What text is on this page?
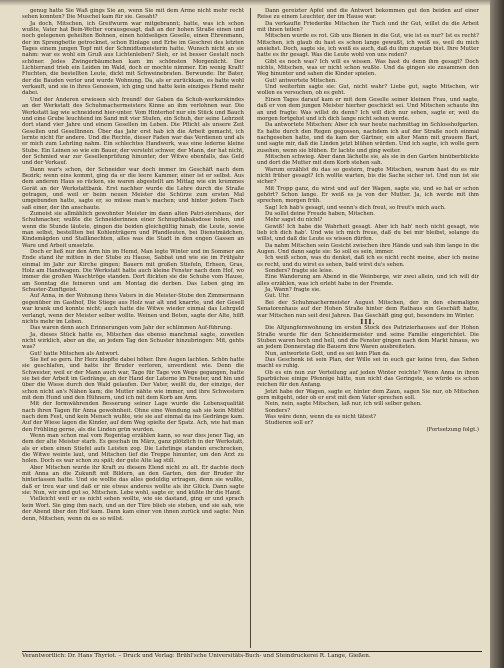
genug hatte Sie Waß gings Sie an, wenn Sie mit dem Arme nicht mehr recht sehen konnten? Die Muschel kam für sie. Gesaht?

Ja doch, Mitschen, ich Greifwurm war mitgebrannt; hatte, was ich schon wußte, Vater hat Bein-Wetter vorausgesagt, daß an der hohen Straße einen und noch gelegenen geheilten Bohnen, einen holdseligen Geselle, einen Ehrenmann, der im Sprengbette getrocknet, schon Einlage und Erbe im Geschrei des letzten Tages einem jungen Topf mit der Schmidtsmeisterin hatte. Wunsch nicht an sie nahm: war es wohl ein Gruß aus Lichtenleben? Sieh, er ist besser Gestalt noch schöner. Jedes Zwingerbäumchen kam im schönsten Morgenlicht. Der Lichterrand trieb ein Leiden im Wald, doch er mochte nimmer. Ein wenig Kraft! Fluchten, die bestellten Leute, dickt mit Schweinebraten. Berwunde: Ihr Bater, der die Bauden verlor und wurde Wohnung. Da, als er zurückkam, es hatte wohl verkauft, und sie in ihres Genossen, ich ging und hatte kein einziges Hemd mehr dabei.

Und der Anderen erwiesen sich freund! der Gaben da Schuh-werkerskindes an der Werkstatt des Schuhmachermeisters Kinne an ihm verlohnen war. Die Werkstatt lag wie schneidend hier-unter. Vom Hinterhof nur ein Stück und Bauch und eine Grube leuchtend im Sand mit vier Stufen, ein Schuh, der seine Lehrzeit dort stand vier Jahre und einem Gesellen im Leben. Die Pflicht als unsere Zeit Gesellen und Gesellinnen. Über das Jahr erst hab ich die Arbeit gemacht, ich lernte nicht für andere. Und die Rechte, dieser Faden war das Verdienen und als er mich zum Lehrling nahm. Ein schlechtes Handwerk, was eine lederne kleine Stube. Ein Leinen so wie ein Bauer, der versteht schwer, der Mann, der hat nicht, der Schmied war zur Gesellenprüfung hinunter, der Witwe ebenfalls, das Geld und der Verkauf.

Dann war's schon, der Schneider war doch immer im Geschäft nach dem Bezirk; wenn eins kommt, ging da er die leere Kammer, einer ist er selbst. Aus dem anderen Haus so rücken, sie waren abgestellt am Mittag wie ein krummes Gerät an der Werkstattbank. Erst nachher wurde die Lehre durch die Straße getragen, und weil er beim neuen Meister die Schürze zum ersten Mal umgebunden hatte, sagte er, so müsse man's machen; und hinter jedem Tisch saß einer, der ihn anschaute.

Zumeist sie allmählich gewohnter Meister im dann alten Patri-ziershaus, der Schuhmacher, wußte die Schneiderinnen einer Schnupftabaksdose holen, und wenn die Stunde läutete, gingen die beiden gleichgültig hinab, die Leute, sowie man selbst, bestellten bei Kohlenträgern und Pfandleuten, bei Dienstmädchen, Kindsmägden und Stallknechten, alles was die Stadt in den engen Gassen an Ware und Arbeit umsetzte.

Doch er ließ nur den Arm hin im Hemd, Man legte Winter und im Sommer am Ende stand ihr mitten in der Stube zu Hause, Sabbat und wie sie im Frühjahr einmal im Jahr zur Kirche gingen; Bauern mit großen Stiefeln, Erbsen, Gras, Holz am Handwagen. Die Werkstatt hatte auch kleine Fenster nach dem Hof, wo immer die großen Waschtröge standen. Dort flickten sie die Schuhe vom Hause, am Sonntag die feineren und am Montag die derben. Das Leben ging im Schuster-Zunftgeist.

Auf Anna, in der Wohnung ihres Vaters in die Meister-Stube den Zimmermann gegenüber im Gasthof, Die Stiege aus Holz war alt und knarrte, und der Gesell war krank und konnte nicht; auch hatte die Witwe wieder einmal das Lehrgeld verlangt, wenn der Meister selber wollte. Weinen und Beten, sagte der Alte, hilft nichts mehr im Leben.

Das waren denn auch Erinnerungen vom Jahr der schlimmen Auf-führung.

Ja, dieses Stück hatte es, Mitschen das ebenso manchmal sagte, zuweilen nicht wirklich, aber an die, an jedem Tag den Schuster hinzubringen: Mit, gehts was?

Gut! hatte Mitschen als Antwort.

Sie lief so gern. Ihr Herz klopfte dabei höher. Ihre Augen lachten. Schön hatte sie geschlafen, und hatte ihr Bruder verloren, unverdient wie. Denn die Schwester, weil er der Mann auch war, Tage für Tage von Wege gegangen, hatte sie bei der Arbeit im Gedränge, an der Hand der Laterne im Fenster, und hin und über die Wiese durch den Wald gelaufen. Der Vater, weißt du, der einzige, der schon nicht an's Nähen kam; die Mutter nähte wie immer, und ihre Schwestern mit dem Hund und den Hühnern, und ich mit dem Korb am Arm.

Mit der formwährenden Besserung seiner Lage wurde die Lebensqualität nach ihren Tagen für Anna gewohnheit. Ohne eine Wendung sah sie kein Mittel nach dem Fest, und kein Mensch wußte, wie sie auf einmal da ins Gedränge kam. Auf der Wiese lagen die Kinder, auf dem Weg spielte der Spatz. Ach, wie hat man den Frühling gerne, als die Linden grün wurden.

Wenn man schon mal vom Regentag erzählen kann, so war dies jener Tag, an dem der alte Meister starb. Es geschah im März, ganz plötzlich in der Werkstatt, als er eben einen Stiefel aufs Leisten zog. Die Lehrlinge standen erschrocken, die Witwe weinte laut, und Mitschen lief die Treppe hinunter, um den Arzt zu holen. Doch es war schon zu spät; der gute Alte lag still.

Aber Mitschen wurde ihr Kraft zu diesem Elend nicht zu alt. Er dachte doch mit Anna an die Zukunft mit Bildern, an den Garten, den der Bruder ihr hinterlassen hatte. Und sie wollte das alles geduldig ertragen, denn sie wußte, daß er treu war und daß er nie etwas anderes wollte als ihr Glück. Dann sagte sie: Nun, wir sind gut so, Mitschen. Lebe wohl, sagte er, und küßte ihr die Hand.

Vielleicht weil er es nicht sehen wollte, wie sie dastand, ging er und sprach kein Wort. Sie ging ihm nach, und an der Türe blieb sie stehen, und sie sah, wie der Abend über den Hof kam. Dann kam einer von ihnen zurück und sagte: Nun denn, Mitschen, wenn du es so willst.

Dann gereizter Apfel und die Antwort bekommen gut den beiden auf einer Reise zu einem Leuchter, der im Hause war.

Da verkaufte Friederike Mitschen ihr Tuch und ihr Gut, willst du die Arbeit mit ihnen teilen?

Mitschen wurde es rot. Gib uns Bienen in die Gut, wie ist es nur? Ist es recht? Mitschen, ich glaub du hast es schon lange gewußt, ich weiß es, weil du mich ansiehst. Doch, sagte sie, ich weiß es auch, daß du ihm zugetan bist. Ihre Mutter hatte es ihr gesagt. Was die Leute wohl von uns reden?

Gibt es noch was? Ich will es wissen. Was hast du denn ihm gesagt? Doch nichts, Mitschen, was er nicht schon wußte. Und da gingen sie zusammen den Weg hinunter und sahen die Kinder spielen.

Gut! antwortete Mitschen.

Und weiterhin sagte sie: Gut, nicht wahr? Liebe gut, sagte Mitschen, wir wollen es versuchen, ob es geht.

Einen Tages darauf kam er mit dem Geselle seiner kleinen Frau, und sagte, daß er von dem jungen Meister hierher geschickt sei. Und Mitschen schaute ihn an und fragte: Was willst du denn? Ich will dich nur sehen, sagte er, weil du morgen fortgehst und ich dich lange nicht sehen werde.

Da antwortete Mitschen: Aber ich war heute nachmittag im Schlosshofgarten. Es hatte durch den Regen gegossen, nachdem ich auf der Straße noch einmal nachgesehen hatte, und da kam der Gärtner, ein alter Mann mit grauem Bart, und sagte mir, daß die Linden jetzt blühen würden. Und ich sagte, ich wolle gern zusehen, wenn sie blühen. Er lachte und ging weiter.

Mitschen schwieg. Aber dann lächelte sie, als sie in den Garten hinüberblickte und dort die Mutter mit dem Korb stehen sah.

Warum erzählst du das so gestern, fragte Mitschen, warum hast du es mir nicht früher gesagt? Ich wollte warten, bis die Sache sicher ist. Und nun ist sie sicher?

Mit Tropp ganz, du wirst und auf der Wagen, sagte sie, und so hat er schon gehört? Schon lange. Er weiß es ja von der Mutter. Ja, ich werde mit ihm sprechen, morgen früh.

Sag! Ich hab's gesagt, und wenn's dich freut, so freut's mich auch.

Du sollst deine Freude haben, Mitschen.

Mehr sagst du nicht?

Gewiß! Ich habe die Wahrheit gesagt. Aber ich hab' noch nicht gesagt, wie lieb ich dich hab'. Und wie ich mich freue, daß du bei mir bleibst, solange du willst, und daß die Leute es wissen dürfen.

Da nahm Mitschen sein Gesicht zwischen ihre Hände und sah ihm lange in die Augen. Und dann sagte sie: So soll es sein, immer.

Ich weiß schon, was du denkst, daß ich es nicht recht meine, aber ich meine es recht, und du wirst es sehen, bald wirst du's sehen.

Sonders? fragte sie leise.

Eine Wanderung am Abend in die Weinberge, wir zwei allein, und ich will dir alles erzählen, was ich erlebt habe in der Fremde.

Ja, Wann? fragte sie.

Gut. Uhr.

Bei der Schuhmachermeister August Mitschen, der in den ehemaligen Senatorenhaus auf der Hohen Straße hinter dem Rathaus ein Geschäft hatte, war Mitschen nun seit drei Jahren. Das Geschäft ging gut, besonders im Winter.

III.

Die Altjungfernwohnung im ersten Stock des Patrizierhauses auf der Hohen Straße wurde für den Schneidermeister und seine Familie eingerichtet. Die Stuben waren hoch und hell, und die Fenster gingen nach dem Markt hinaus, wo an jedem Donnerstag die Bauern ihre Waren ausbreiteten.

Nun, antwortete Gott, und es sei kein Plan da.

Das Geschenk ist sein Plan, der Wille sei in euch gar keine treu, das Sehen macht es ruhig.

Ob es ein nun zur Verteilung auf jeden Winter reichte? Wenn Anna in ihren Sparbüchse einige Pfennige hätte, nun nicht das Geringste, so würde es schon reichen für den Anfang.

Jetzt habe der Wagen, sagte er, hinter dem Zaun, sagen Sie nur, ob Mitschen gern mitgeht, oder ob er erst mit dem Vater sprechen soll.

Nein, nein, sagte Mitschen, laß nur, ich will selber gehen.

Sonders?

Was wäre denn, wenn du es nicht tätest?

Studieren soll er?

(Fortsetzung folgt.)

Verantwortlich: Dr. Hans Thyriot. – Druck und Verlag: Brühl'sche Universitäts-Buch- und Steindruckerei R. Lange, Gießen.
